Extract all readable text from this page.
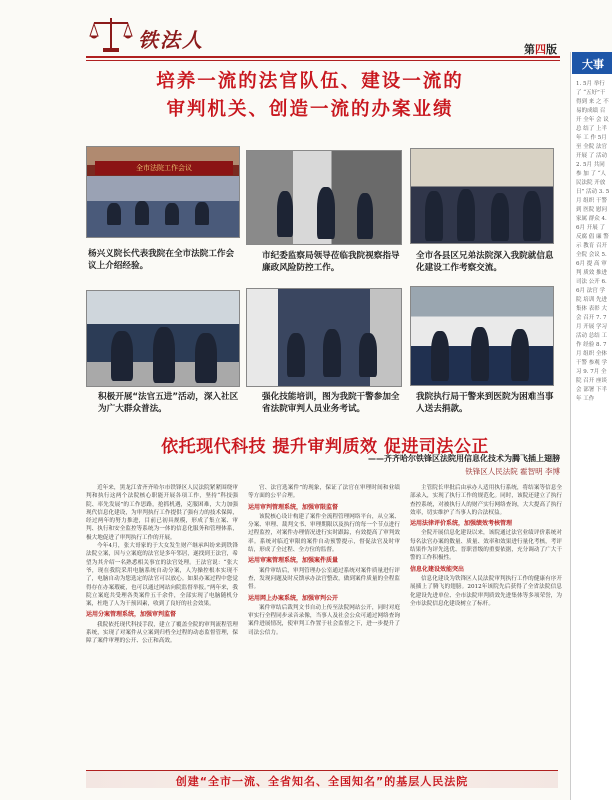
铁法人	第四版
大事
1. 5月 举行了 “五好”干 得到 来 之 不易的成绩 召开 全年 会 议 总 结了 上半年 工 作 5月 至 全院 法官 开展 了 活动 2. 5月 共同 参 加 了 “人民法院 开放日” 活动 3. 5月 组织 干警 到 医院 慰问 家属 群众 4. 6月 开展 了 反腐 倡 廉 警示 教育 召开 全院 会议 5. 6月 提 高 审判 质效 推进 司法 公开 6. 6月 法官 学院 培训 先进 集体 表彰 大会 召开 7. 7月 开展 学习 活动 总结 工作 经验 8. 7月 组织 全体 干警 参观 学习 9. 7月 全院 召开 座谈会 部署 下半年 工作
培养一流的法官队伍、建设一流的
审判机关、创造一流的办案业绩
全市法院工作会议
杨兴义院长代表我院在全市法院工作会议上介绍经验。
市纪委监察局领导莅临我院视察指导廉政风险防控工作。
全市各县区兄弟法院深入我院就信息化建设工作考察交流。
积极开展“法官五进”活动，深入社区为广大群众普法。
强化技能培训，图为我院干警参加全省法院审判人员业务考试。
我院执行局干警来到医院为困难当事人送去捐款。
依托现代科技 提升审判质效 促进司法公正
——齐齐哈尔铁锋区法院用信息化技术为腾飞插上翅膀
铁锋区人民法院 霍智明 李博

近年来，黑龙江省齐齐哈尔市铁锋区人民法院紧紧围绕审判和执行这两个法院核心职能开展各项工作，坚持“科技强院、率先发展”的工作思路，抢抓机遇，克服困难，大力加强现代信息化建设，为审判执行工作提供了强有力的技术保障，经过两年的努力推进，目前已初具规模，形成了集立案、审判、执行和安全监控等系统为一体的信息化服务和管理体系，极大地促进了审判执行工作的开展。

今年4月，张大哥家的于大女发生财产继承纠纷来到铁锋法院立案，因与立案庭的法官是多年邻居，遂找到王法官，希望为其介绍一名熟悉相关事宜的法官处理。王法官说：“张大爷，现在我院采用电脑系统自动分案，人为操控根本实现不了，电脑自动为您选定的法官可以放心。如果办案过程中您觉得存在办案瑕疵，也可以通过网站向院监督举报。”两年来，我院立案庭共受理各类案件五千余件，全部实现了电脑随机分案，杜绝了人为干预因素，收到了良好的社会效果。

运用分案管理系统，加强审判监督

我院依托现代科技手段，建立了覆盖全院的审判流程管理系统，实现了对案件从立案到归档全过程的动态监督管理，保障了案件审理的公开、公正和高效。

官、法官选案件”的现象，保证了法官在审理时间和业绩等方面的公平合理。

运用审判管理系统，加强审限监督

该院核心设计构建了案件全流程管理网络平台，从立案、分案、审理、裁判文书、审理期限以及执行的每一个节点进行过程监控，对案件办理情况进行实时跟踪，有效提高了审判效率。系统对临近审限的案件自动预警提示，督促法官及时审结，形成了全过程、全方位的监督。

运用审案管理系统，加强案件质量

案件审结后，审判管理办公室通过系统对案件质量进行评查，发现问题及时反馈承办法官整改，做到案件质量的全程监督。

运用网上办案系统，加强审判公开

案件审结后裁判文书自动上传至法院网站公开，同时对庭审实行全程同步录音录像，当事人及社会公众可通过网络查询案件进展情况，使审判工作置于社会监督之下，进一步提升了司法公信力。

主管院长审批后由承办人适用执行系统，将结案等信息全部录入，实现了执行工作的规范化。同时，该院还建立了执行查控系统，对被执行人的财产实行网络查询，大大提高了执行效率，切实维护了当事人的合法权益。

运用法律评价系统，加强绩效考核管理

全院开展信息化建设以来，该院通过法官业绩评价系统对每名法官办案的数量、质量、效率和效果进行量化考核，考评结果作为评先选优、晋职晋级的重要依据，充分调动了广大干警的工作积极性。

信息化建设效能突出

信息化建设为铁锋区人民法院审判执行工作的健康有序开展插上了腾飞的翅膀。2012年该院先后获得了全省法院信息化建设先进单位、全市法院审判质效先进集体等多项荣誉，为全市法院信息化建设树立了标杆。

创建“全市一流、全省知名、全国知名”的基层人民法院
